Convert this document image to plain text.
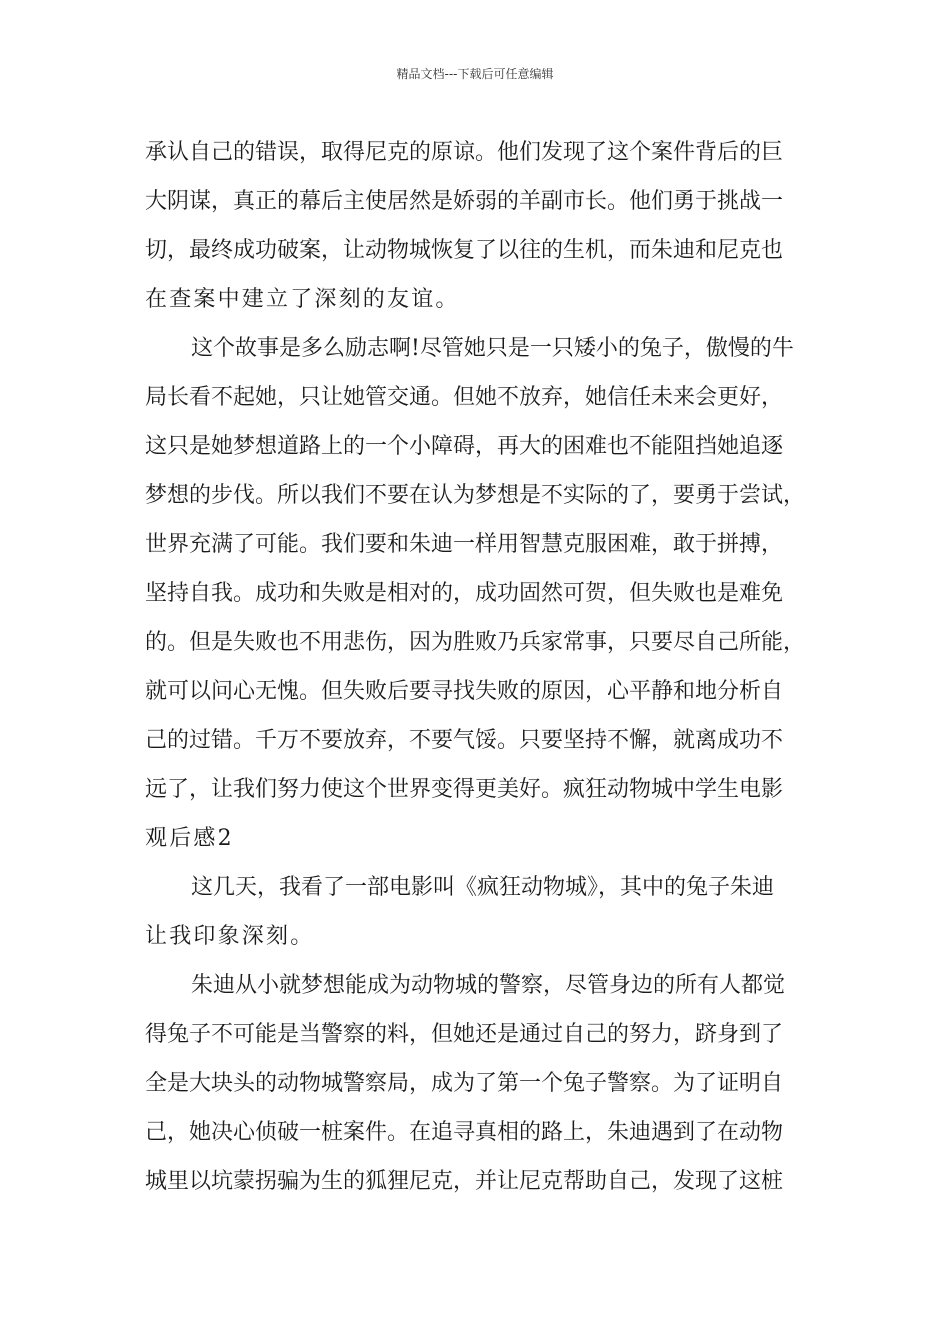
精品文档---下载后可任意编辑
承认自己的错误，取得尼克的原谅。他们发现了这个案件背后的巨
大阴谋，真正的幕后主使居然是娇弱的羊副市长。他们勇于挑战一
切，最终成功破案，让动物城恢复了以往的生机，而朱迪和尼克也
在查案中建立了深刻的友谊。
这个故事是多么励志啊!尽管她只是一只矮小的兔子，傲慢的牛
局长看不起她，只让她管交通。但她不放弃，她信任未来会更好，
这只是她梦想道路上的一个小障碍，再大的困难也不能阻挡她追逐
梦想的步伐。所以我们不要在认为梦想是不实际的了，要勇于尝试，
世界充满了可能。我们要和朱迪一样用智慧克服困难，敢于拼搏，
坚持自我。成功和失败是相对的，成功固然可贺，但失败也是难免
的。但是失败也不用悲伤，因为胜败乃兵家常事，只要尽自己所能，
就可以问心无愧。但失败后要寻找失败的原因，心平静和地分析自
己的过错。千万不要放弃，不要气馁。只要坚持不懈，就离成功不
远了，让我们努力使这个世界变得更美好。疯狂动物城中学生电影
观后感2
这几天，我看了一部电影叫《疯狂动物城》，其中的兔子朱迪
让我印象深刻。
朱迪从小就梦想能成为动物城的警察，尽管身边的所有人都觉
得兔子不可能是当警察的料，但她还是通过自己的努力，跻身到了
全是大块头的动物城警察局，成为了第一个兔子警察。为了证明自
己，她决心侦破一桩案件。在追寻真相的路上，朱迪遇到了在动物
城里以坑蒙拐骗为生的狐狸尼克，并让尼克帮助自己，发现了这桩
